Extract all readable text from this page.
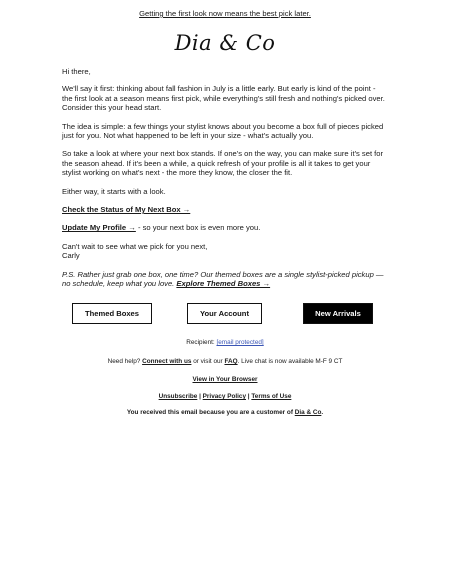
Getting the first look now means the best pick later.
Dia & Co

Hi there,

We'll say it first: thinking about fall fashion in July is a little early. But early is kind of the point - the first look at a season means first pick, while everything's still fresh and nothing's picked over. Consider this your head start.

The idea is simple: a few things your stylist knows about you become a box full of pieces picked just for you. Not what happened to be left in your size - what's actually you.

So take a look at where your next box stands. If one's on the way, you can make sure it's set for the season ahead. If it's been a while, a quick refresh of your profile is all it takes to get your stylist working on what's next - the more they know, the closer the fit.

Either way, it starts with a look.

Check the Status of My Next Box →

Update My Profile → - so your next box is even more you.

Can't wait to see what we pick for you next,

Carly

P.S. Rather just grab one box, one time? Our themed boxes are a single stylist-picked pickup — no schedule, keep what you love. Explore Themed Boxes →

Themed Boxes	Your Account	New Arrivals
Recipient: [email protected]
Need help? Connect with us or visit our FAQ. Live chat is now available M-F 9 CT
View in Your Browser
Unsubscribe | Privacy Policy | Terms of Use
You received this email because you are a customer of Dia & Co.
